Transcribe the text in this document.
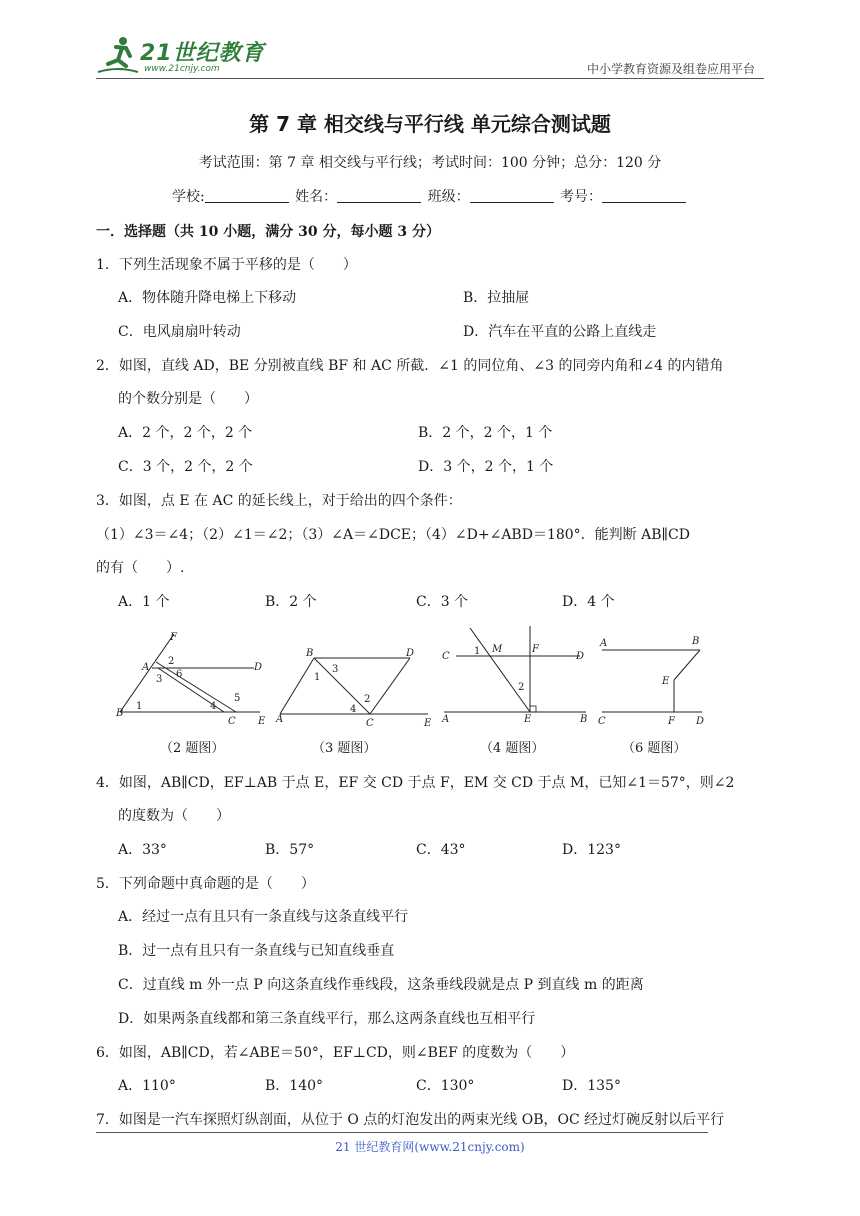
21世纪教育
www.21cnjy.com	中小学教育资源及组卷应用平台
第 7 章 相交线与平行线 单元综合测试题
考试范围：第 7 章 相交线与平行线；考试时间：100 分钟；总分：120 分
学校:	姓名：	班级：	考号：
一．选择题（共 10 小题，满分 30 分，每小题 3 分）
1．下列生活现象不属于平移的是（　　）
A．物体随升降电梯上下移动	B．拉抽屉
C．电风扇扇叶转动	D．汽车在平直的公路上直线走
2．如图，直线 AD，BE 分别被直线 BF 和 AC 所截．∠1 的同位角、∠3 的同旁内角和∠4 的内错角
的个数分别是（　　）
A．2 个，2 个，2 个	B．2 个，2 个，1 个
C．3 个，2 个，2 个	D．3 个，2 个，1 个
3．如图，点 E 在 AC 的延长线上，对于给出的四个条件：
（1）∠3＝∠4；（2）∠1＝∠2；（3）∠A＝∠DCE；（4）∠D+∠ABD＝180°．能判断 AB∥CD
的有（　　）.
A．1 个	B．2 个	C．3 个	D．4 个
F
A
2
6
3
D
B
1	4
5
C E
B
3
D
1
2
4
A	C	E
C 1 M	F
D
2
A	E	B
A	B
E
C	F D
（2 题图）	（3 题图）	（4 题图）	（6 题图）
4．如图，AB∥CD，EF⊥AB 于点 E，EF 交 CD 于点 F，EM 交 CD 于点 M，已知∠1＝57°，则∠2
的度数为（　　）
A．33°	B．57°	C．43°	D．123°
5．下列命题中真命题的是（　　）
A．经过一点有且只有一条直线与这条直线平行
B．过一点有且只有一条直线与已知直线垂直
C．过直线 m 外一点 P 向这条直线作垂线段，这条垂线段就是点 P 到直线 m 的距离
D．如果两条直线都和第三条直线平行，那么这两条直线也互相平行
6．如图，AB∥CD，若∠ABE＝50°，EF⊥CD，则∠BEF 的度数为（　　）
A．110°	B．140°	C．130°	D．135°
7．如图是一汽车探照灯纵剖面，从位于 O 点的灯泡发出的两束光线 OB，OC 经过灯碗反射以后平行
21 世纪教育网(www.21cnjy.com)
